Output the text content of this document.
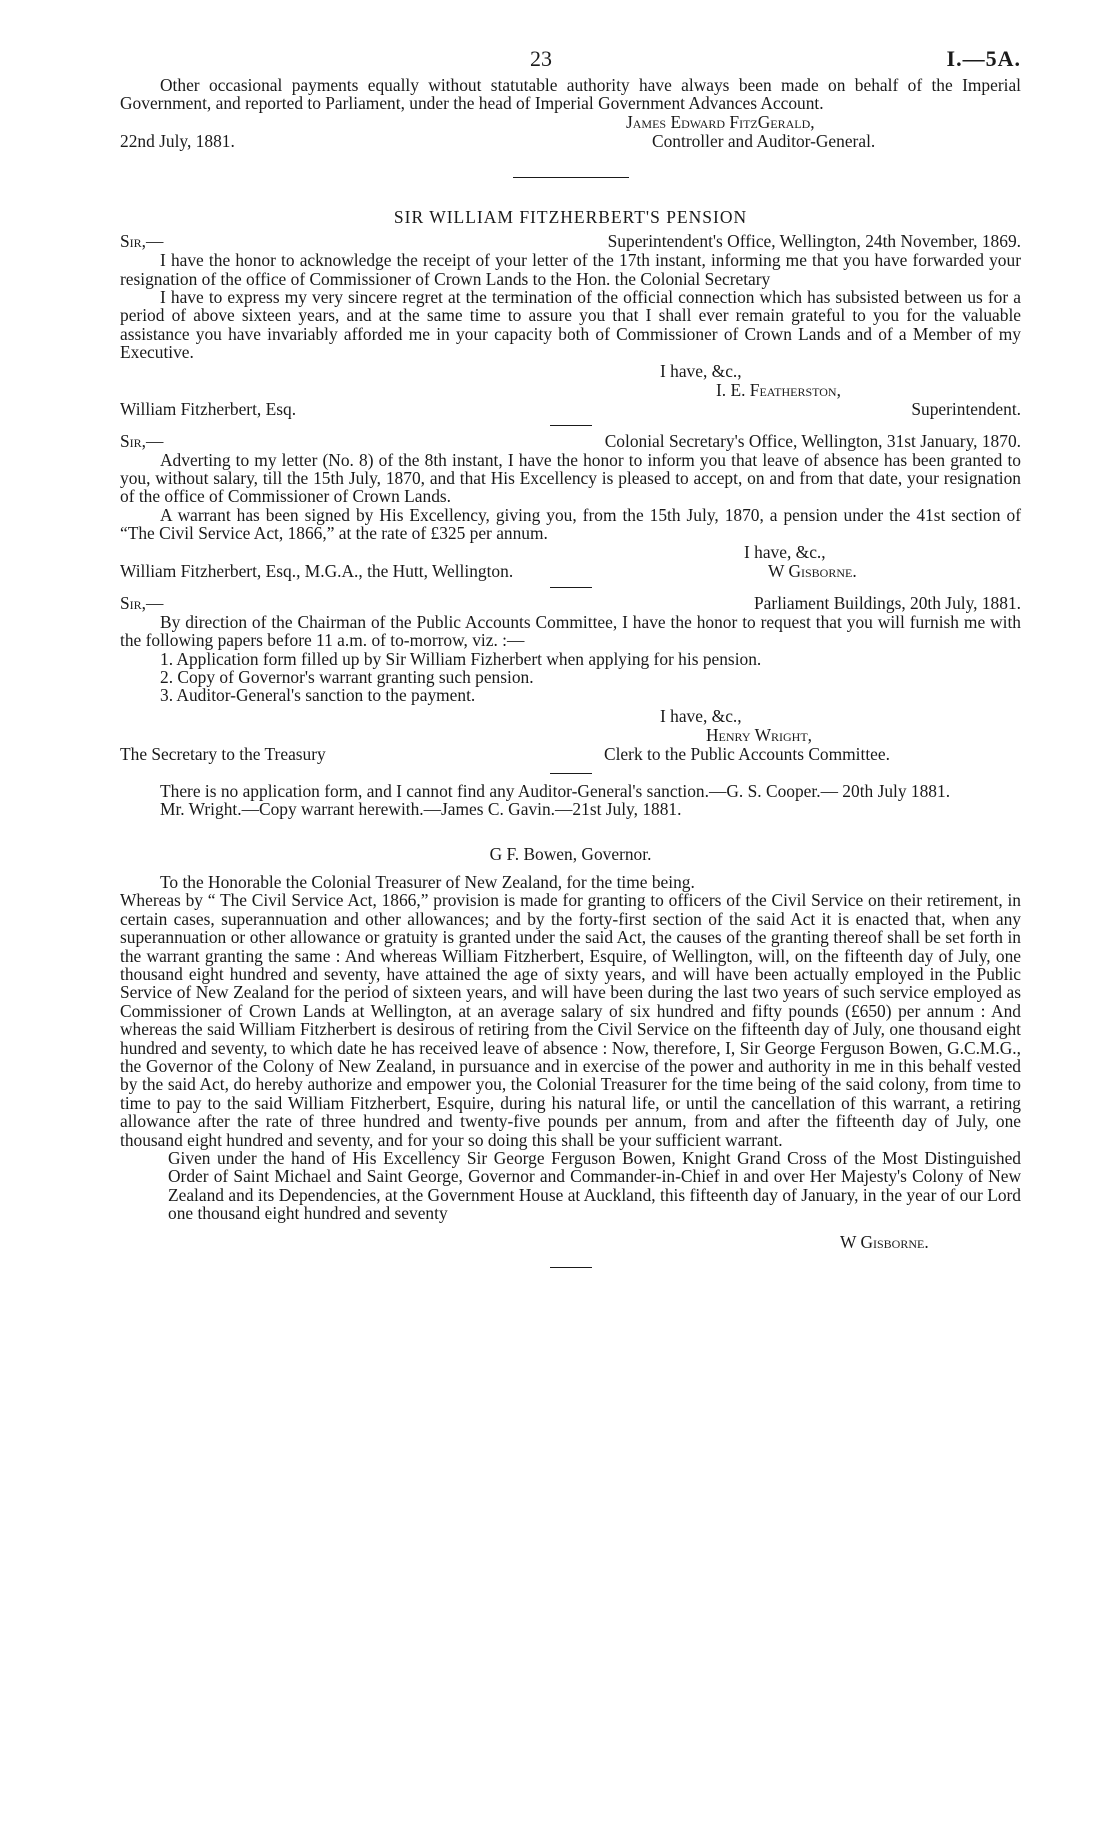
23	I.—5A.

Other occasional payments equally without statutable authority have always been made on behalf of the Imperial Government, and reported to Parliament, under the head of Imperial Government Advances Account.

James Edward FitzGerald,
22nd July, 1881.	Controller and Auditor-General.
SIR WILLIAM FITZHERBERT'S PENSION
Sir,—	Superintendent's Office, Wellington, 24th November, 1869.

I have the honor to acknowledge the receipt of your letter of the 17th instant, informing me that you have forwarded your resignation of the office of Commissioner of Crown Lands to the Hon. the Colonial Secretary

I have to express my very sincere regret at the termination of the official connection which has subsisted between us for a period of above sixteen years, and at the same time to assure you that I shall ever remain grateful to you for the valuable assistance you have invariably afforded me in your capacity both of Commissioner of Crown Lands and of a Member of my Executive.

I have, &c.,
I. E. Featherston,
William Fitzherbert, Esq.	Superintendent.
Sir,—	Colonial Secretary's Office, Wellington, 31st January, 1870.

Adverting to my letter (No. 8) of the 8th instant, I have the honor to inform you that leave of absence has been granted to you, without salary, till the 15th July, 1870, and that His Excellency is pleased to accept, on and from that date, your resignation of the office of Commissioner of Crown Lands.

A warrant has been signed by His Excellency, giving you, from the 15th July, 1870, a pension under the 41st section of “The Civil Service Act, 1866,” at the rate of £325 per annum.

I have, &c.,
William Fitzherbert, Esq., M.G.A., the Hutt, Wellington.	W Gisborne.
Sir,—	Parliament Buildings, 20th July, 1881.

By direction of the Chairman of the Public Accounts Committee, I have the honor to request that you will furnish me with the following papers before 11 a.m. of to-morrow, viz. :—

1. Application form filled up by Sir William Fizherbert when applying for his pension.
2. Copy of Governor's warrant granting such pension.
3. Auditor-General's sanction to the payment.
I have, &c.,
Henry Wright,
The Secretary to the Treasury	Clerk to the Public Accounts Committee.

There is no application form, and I cannot find any Auditor-General's sanction.—G. S. Cooper.— 20th July 1881.

Mr. Wright.—Copy warrant herewith.—James C. Gavin.—21st July, 1881.

G F. Bowen, Governor.

To the Honorable the Colonial Treasurer of New Zealand, for the time being.

Whereas by “ The Civil Service Act, 1866,” provision is made for granting to officers of the Civil Service on their retirement, in certain cases, superannuation and other allowances; and by the forty-first section of the said Act it is enacted that, when any superannuation or other allowance or gratuity is granted under the said Act, the causes of the granting thereof shall be set forth in the warrant granting the same : And whereas William Fitzherbert, Esquire, of Wellington, will, on the fifteenth day of July, one thousand eight hundred and seventy, have attained the age of sixty years, and will have been actually employed in the Public Service of New Zealand for the period of sixteen years, and will have been during the last two years of such service employed as Commissioner of Crown Lands at Wellington, at an average salary of six hundred and fifty pounds (£650) per annum : And whereas the said William Fitzherbert is desirous of retiring from the Civil Service on the fifteenth day of July, one thousand eight hundred and seventy, to which date he has received leave of absence : Now, therefore, I, Sir George Ferguson Bowen, G.C.M.G., the Governor of the Colony of New Zealand, in pursuance and in exercise of the power and authority in me in this behalf vested by the said Act, do hereby authorize and empower you, the Colonial Treasurer for the time being of the said colony, from time to time to pay to the said William Fitzherbert, Esquire, during his natural life, or until the cancellation of this warrant, a retiring allowance after the rate of three hundred and twenty-five pounds per annum, from and after the fifteenth day of July, one thousand eight hundred and seventy, and for your so doing this shall be your sufficient warrant.

Given under the hand of His Excellency Sir George Ferguson Bowen, Knight Grand Cross of the Most Distinguished Order of Saint Michael and Saint George, Governor and Commander-in-Chief in and over Her Majesty's Colony of New Zealand and its Dependencies, at the Government House at Auckland, this fifteenth day of January, in the year of our Lord one thousand eight hundred and seventy

W Gisborne.
